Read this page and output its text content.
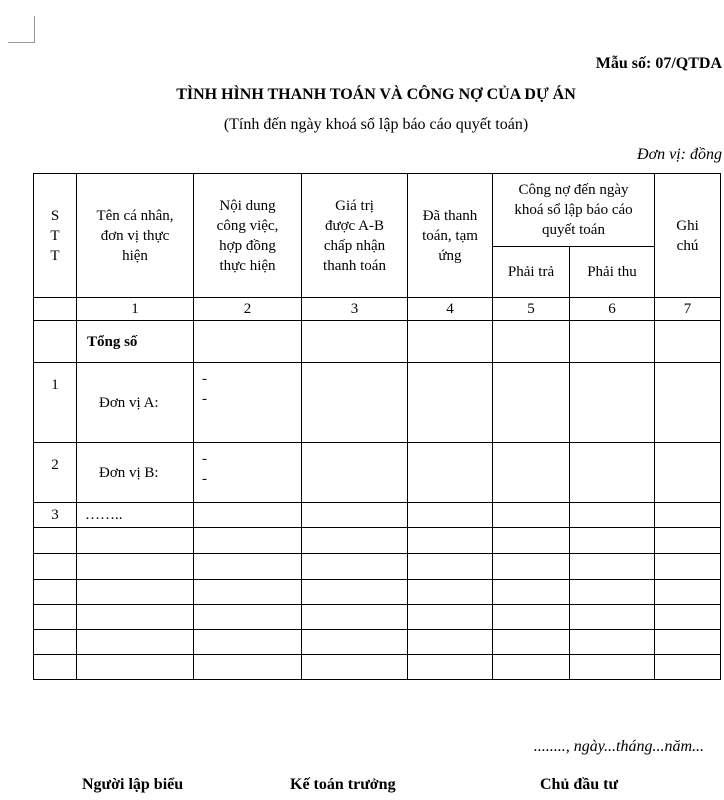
Mẫu số: 07/QTDA
TÌNH HÌNH THANH TOÁN VÀ CÔNG NỢ CỦA DỰ ÁN
(Tính đến ngày khoá sổ lập báo cáo quyết toán)
Đơn vị: đồng
S
T
T	Tên cá nhân,
đơn vị thực
hiện	Nội dung
công việc,
hợp đồng
thực hiện	Giá trị
được A-B
chấp nhận
thanh toán	Đã thanh
toán, tạm
ứng	Công nợ đến ngày
khoá sổ lập báo cáo
quyết toán		Ghi
chú
					Phải trả	Phải thu	
	1	2	3	4	5	6	7
	Tổng số						
1	Đơn vị A:	-
-					
2	Đơn vị B:	-
-					
3	……..						

........, ngày...tháng...năm...
Người lập biểu	Kế toán trưởng	Chủ đầu tư
